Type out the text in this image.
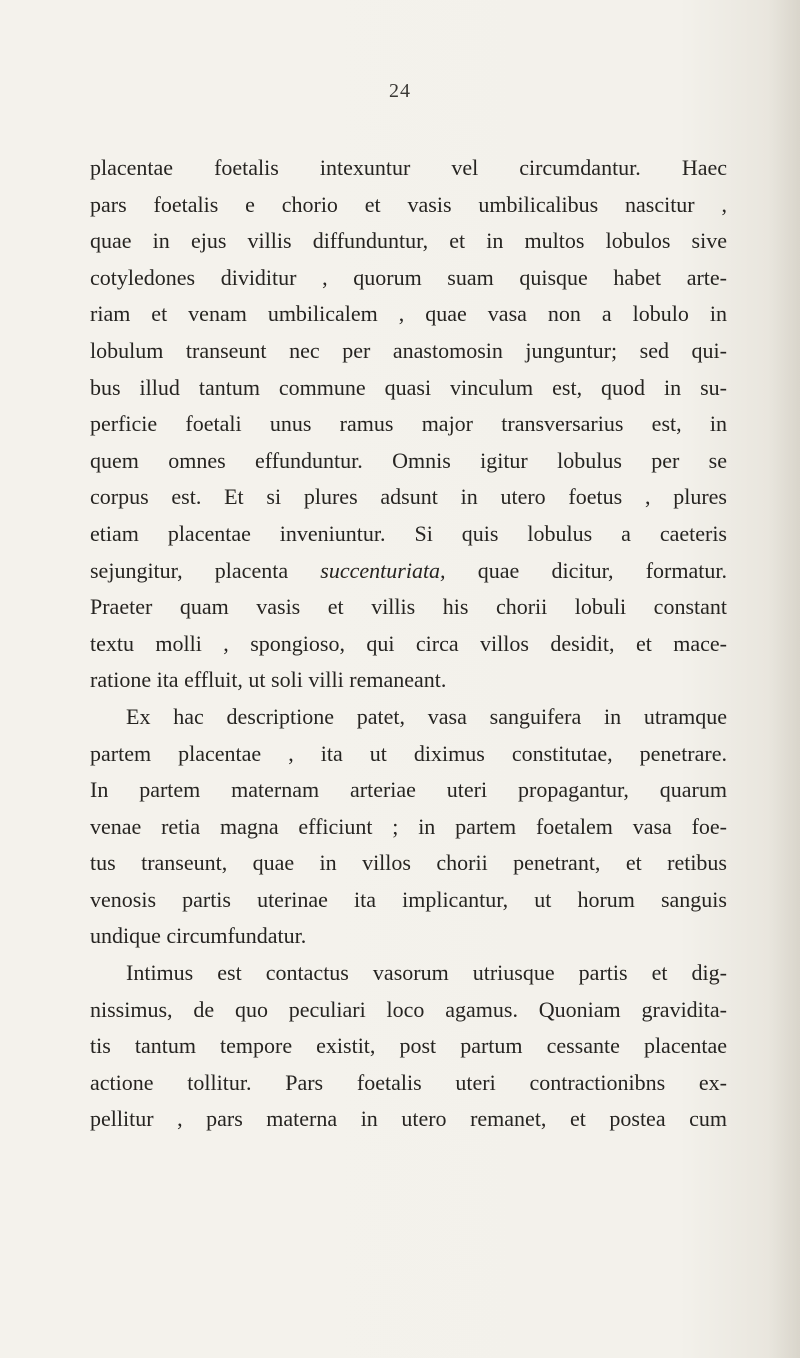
24
placentae foetalis intexuntur vel circumdantur. Haec
pars foetalis e chorio et vasis umbilicalibus nascitur ,
quae in ejus villis diffunduntur, et in multos lobulos sive
cotyledones dividitur , quorum suam quisque habet arte-
riam et venam umbilicalem , quae vasa non a lobulo in
lobulum transeunt nec per anastomosin junguntur; sed qui-
bus illud tantum commune quasi vinculum est, quod in su-
perficie foetali unus ramus major transversarius est, in
quem omnes effunduntur. Omnis igitur lobulus per se
corpus est. Et si plures adsunt in utero foetus , plures
etiam placentae inveniuntur. Si quis lobulus a caeteris
sejungitur, placenta succenturiata, quae dicitur, formatur.
Praeter quam vasis et villis his chorii lobuli constant
textu molli , spongioso, qui circa villos desidit, et mace-
ratione ita effluit, ut soli villi remaneant.
Ex hac descriptione patet, vasa sanguifera in utramque
partem placentae , ita ut diximus constitutae, penetrare.
In partem maternam arteriae uteri propagantur, quarum
venae retia magna efficiunt ; in partem foetalem vasa foe-
tus transeunt, quae in villos chorii penetrant, et retibus
venosis partis uterinae ita implicantur, ut horum sanguis
undique circumfundatur.
Intimus est contactus vasorum utriusque partis et dig-
nissimus, de quo peculiari loco agamus. Quoniam gravidita-
tis tantum tempore existit, post partum cessante placentae
actione tollitur. Pars foetalis uteri contractionibns ex-
pellitur , pars materna in utero remanet, et postea cum
